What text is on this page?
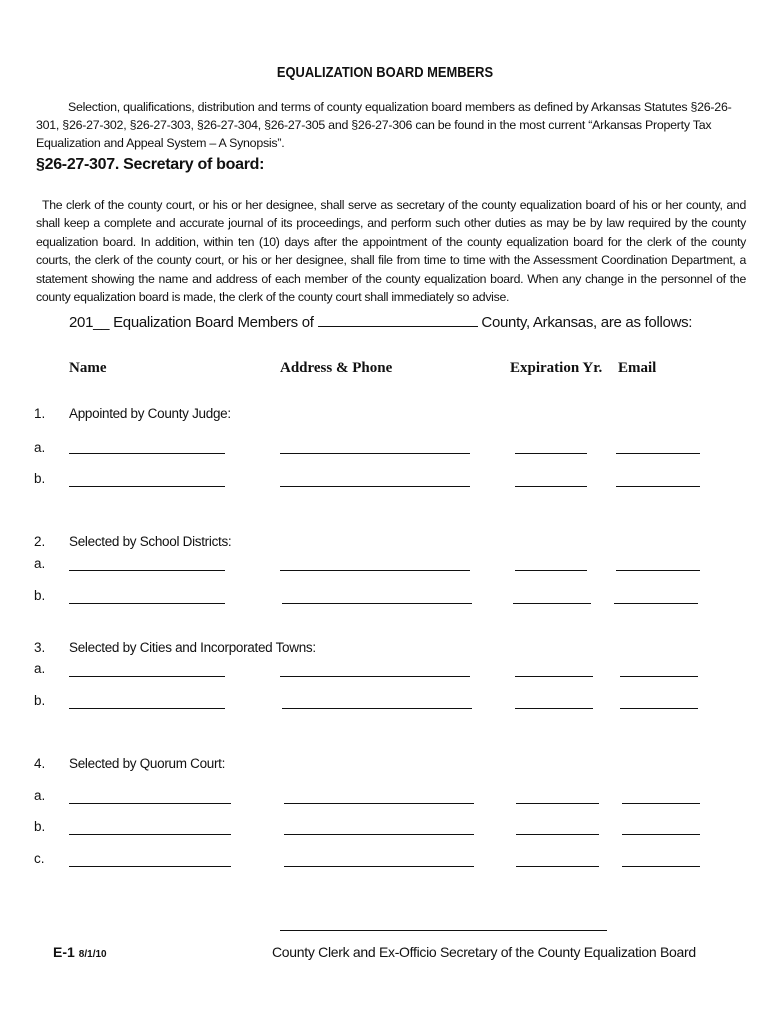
EQUALIZATION BOARD MEMBERS
Selection, qualifications, distribution and terms of county equalization board members as defined by Arkansas Statutes §26-26-301, §26-27-302, §26-27-303, §26-27-304, §26-27-305 and §26-27-306 can be found in the most current “Arkansas Property Tax Equalization and Appeal System – A Synopsis”.
§26-27-307. Secretary of board:
The clerk of the county court, or his or her designee, shall serve as secretary of the county equalization board of his or her county, and shall keep a complete and accurate journal of its proceedings, and perform such other duties as may be by law required by the county equalization board. In addition, within ten (10) days after the appointment of the county equalization board for the clerk of the county courts, the clerk of the county court, or his or her designee, shall file from time to time with the Assessment Coordination Department, a statement showing the name and address of each member of the county equalization board. When any change in the personnel of the county equalization board is made, the clerk of the county court shall immediately so advise.
201__ Equalization Board Members of	County, Arkansas, are as follows:
Name	Address & Phone	Expiration Yr. Email
1. Appointed by County Judge:
a.
b.
2. Selected by School Districts:
a.
b.
3. Selected by Cities and Incorporated Towns:
a.
b.
4. Selected by Quorum Court:
a.
b.
c.
E-1 8/1/10	County Clerk and Ex-Officio Secretary of the County Equalization Board
